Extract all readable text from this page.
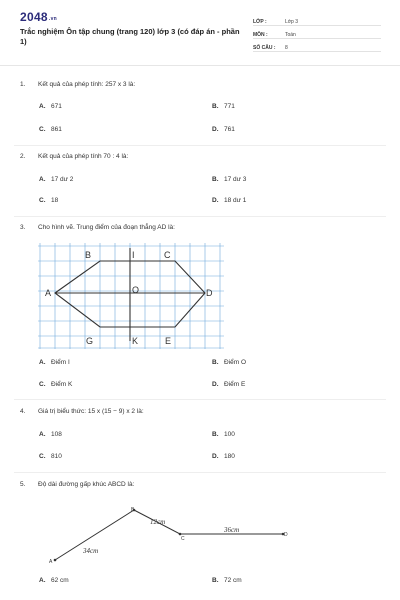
2048.vn
Trắc nghiệm Ôn tập chung (trang 120) lớp 3 (có đáp án - phần 1)
LỚP :	Lớp 3
MÔN :	Toán
SỐ CÂU :	8
1. Kết quả của phép tính: 257 x 3 là:
A. 671	B. 771
C. 861	D. 761
2. Kết quả của phép tính 70 : 4 là:
A. 17 dư 2	B. 17 dư 3
C. 18	D. 18 dư 1
3. Cho hình vẽ. Trung điểm của đoạn thẳng AD là:
A
B	I	C
O	D
G	K	E
A. Điểm I	B. Điểm O
C. Điểm K	D. Điểm E
4. Giá trị biểu thức: 15 x (15 − 9) x 2 là:
A. 108	B. 100
C. 810	D. 180
5. Độ dài đường gấp khúc ABCD là:
A
B
C
D
34cm
12cm
36cm
A. 62 cm	B. 72 cm
